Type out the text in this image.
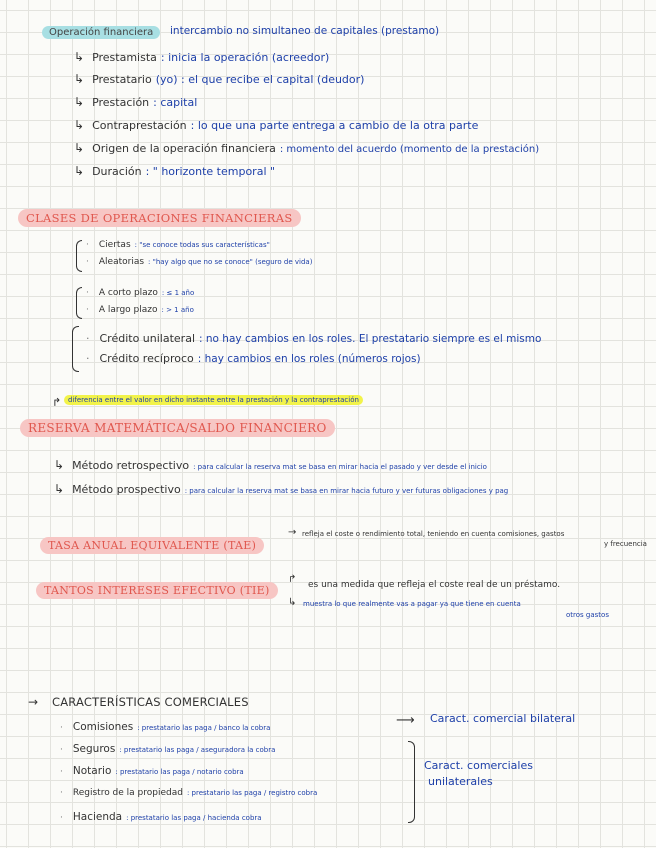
Operación financiera	intercambio no simultaneo de capitales (prestamo)
↳ Prestamista : inicia la operación (acreedor)
↳ Prestatario (yo) : el que recibe el capital (deudor)
↳ Prestación : capital
↳ Contraprestación : lo que una parte entrega a cambio de la otra parte
↳ Origen de la operación financiera : momento del acuerdo (momento de la prestación)
↳ Duración : " horizonte temporal "
CLASES DE OPERACIONES FINANCIERAS
· Ciertas : "se conoce todas sus características"
· Aleatorias : "hay algo que no se conoce" (seguro de vida)
· A corto plazo : ≤ 1 año
· A largo plazo : > 1 año
· Crédito unilateral : no hay cambios en los roles. El prestatario siempre es el mismo
· Crédito recíproco : hay cambios en los roles (números rojos)
↱ diferencia entre el valor en dicho instante entre la prestación y la contraprestación
RESERVA MATEMÁTICA/SALDO FINANCIERO
↳ Método retrospectivo : para calcular la reserva mat se basa en mirar hacia el pasado y ver desde el inicio
↳ Método prospectivo : para calcular la reserva mat se basa en mirar hacia futuro y ver futuras obligaciones y pag
TASA ANUAL EQUIVALENTE (TAE)
→ refleja el coste o rendimiento total, teniendo en cuenta comisiones, gastos
y frecuencia
TANTOS INTERESES EFECTIVO (TIE)
↱ es una medida que refleja el coste real de un préstamo.
↳ muestra lo que realmente vas a pagar ya que tiene en cuenta
otros gastos
→ CARACTERÍSTICAS COMERCIALES
· Comisiones : prestatario las paga / banco la cobra
· Seguros : prestatario las paga / aseguradora la cobra
· Notario : prestatario las paga / notario cobra
· Registro de la propiedad : prestatario las paga / registro cobra
· Hacienda : prestatario las paga / hacienda cobra
⟶ Caract. comercial bilateral
Caract. comerciales
unilaterales
